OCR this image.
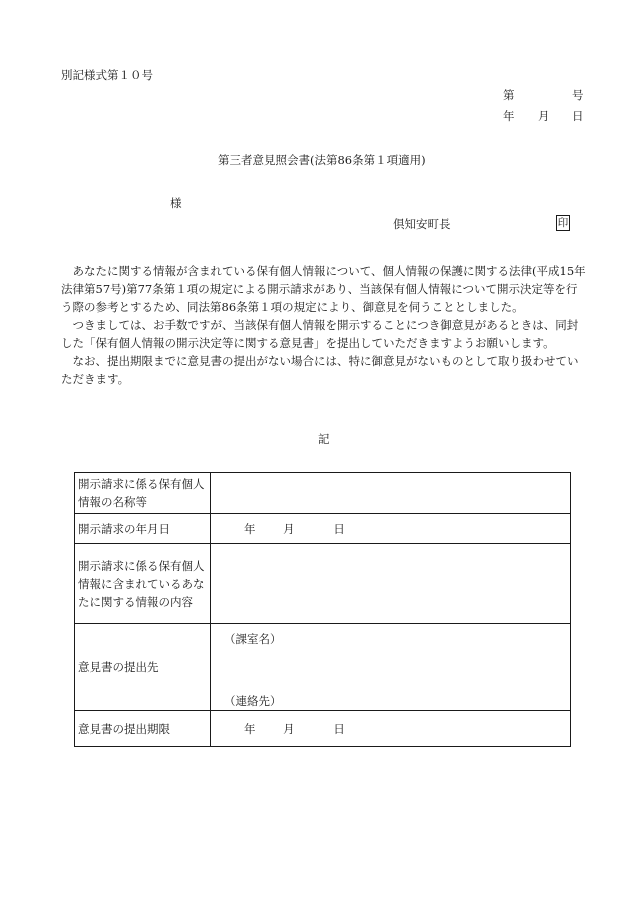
別記様式第１０号
第	号
年 月 日
第三者意見照会書(法第86条第１項適用)
様
倶知安町長	印

あなたに関する情報が含まれている保有個人情報について、個人情報の保護に関する法律(平成15年法律第57号)第77条第１項の規定による開示請求があり、当該保有個人情報について開示決定等を行う際の参考とするため、同法第86条第１項の規定により、御意見を伺うこととしました。

つきましては、お手数ですが、当該保有個人情報を開示することにつき御意見があるときは、同封した「保有個人情報の開示決定等に関する意見書」を提出していただきますようお願いします。

なお、提出期限までに意見書の提出がない場合には、特に御意見がないものとして取り扱わせていただきます。

記
開示請求に係る保有個人情報の名称等	
開示請求の年月日	年 月 日
開示請求に係る保有個人情報に含まれているあなたに関する情報の内容	
意見書の提出先	（課室名）
（連絡先）

意見書の提出期限	年 月 日
